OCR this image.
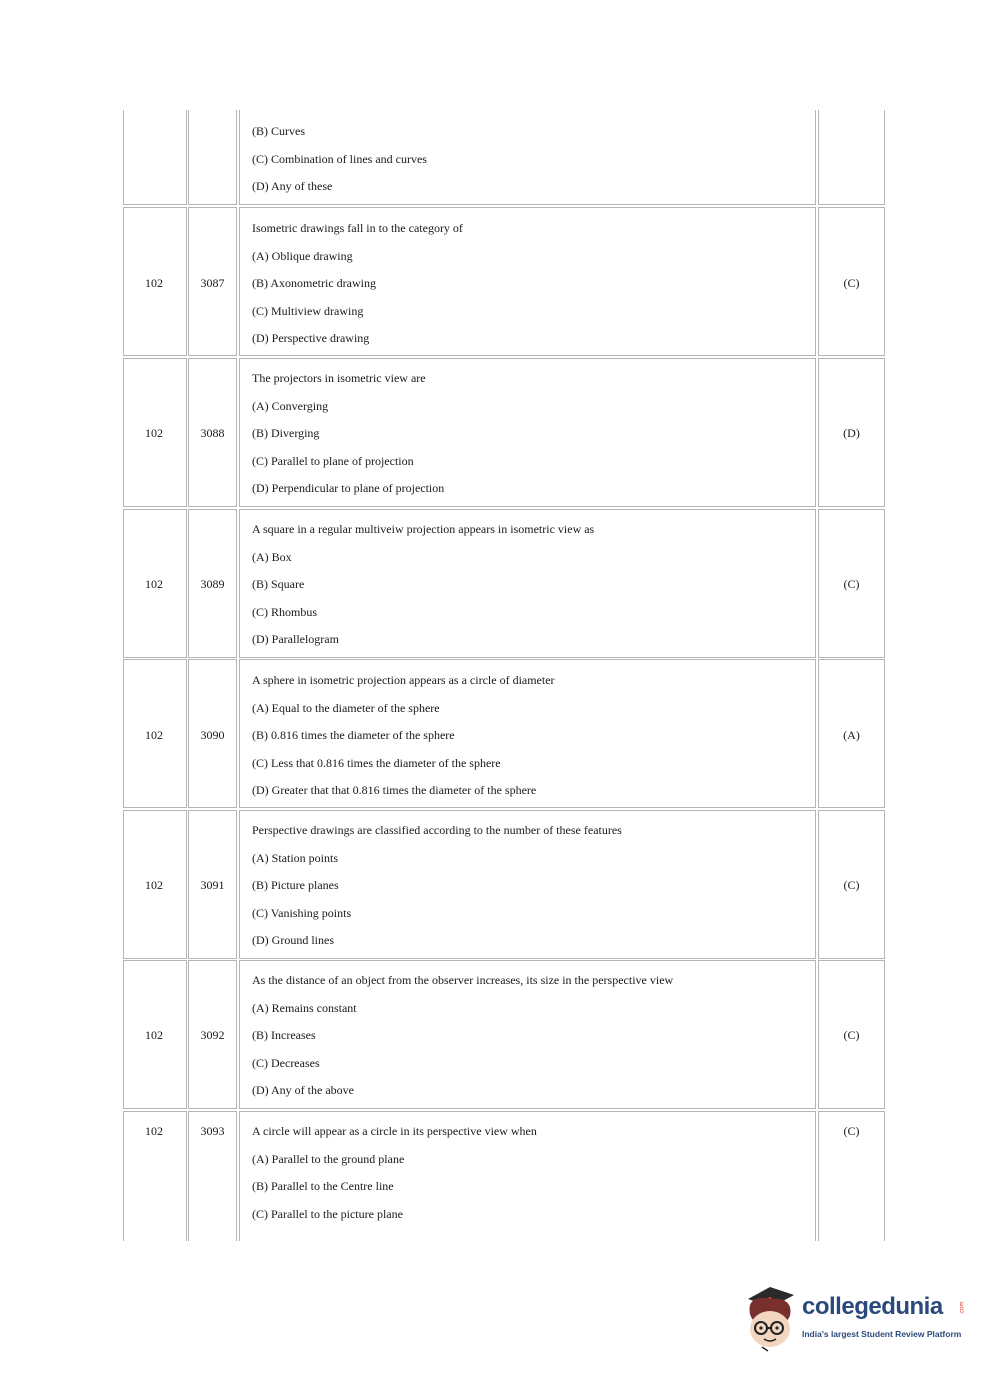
(B) Curves
(C) Combination of lines and curves
(D) Any of these
102	3087
Isometric drawings fall in to the category of
(A) Oblique drawing
(B) Axonometric drawing
(C) Multiview drawing
(D) Perspective drawing
(C)
102	3088
The projectors in isometric view are
(A) Converging
(B) Diverging
(C) Parallel to plane of projection
(D) Perpendicular to plane of projection
(D)
102	3089
A square in a regular multiveiw projection appears in isometric view as
(A) Box
(B) Square
(C) Rhombus
(D) Parallelogram
(C)
102	3090
A sphere in isometric projection appears as a circle of diameter
(A) Equal to the diameter of the sphere
(B) 0.816 times the diameter of the sphere
(C) Less that 0.816 times the diameter of the sphere
(D) Greater that that 0.816 times the diameter of the sphere
(A)
102	3091
Perspective drawings are classified according to the number of these features
(A) Station points
(B) Picture planes
(C) Vanishing points
(D) Ground lines
(C)
102	3092
As the distance of an object from the observer increases, its size in the perspective view
(A) Remains constant
(B) Increases
(C) Decreases
(D) Any of the above
(C)
102	3093	A circle will appear as a circle in its perspective view when
(A) Parallel to the ground plane
(B) Parallel to the Centre line
(C) Parallel to the picture plane
(C)
collegedunia	.com
India's largest Student Review Platform
